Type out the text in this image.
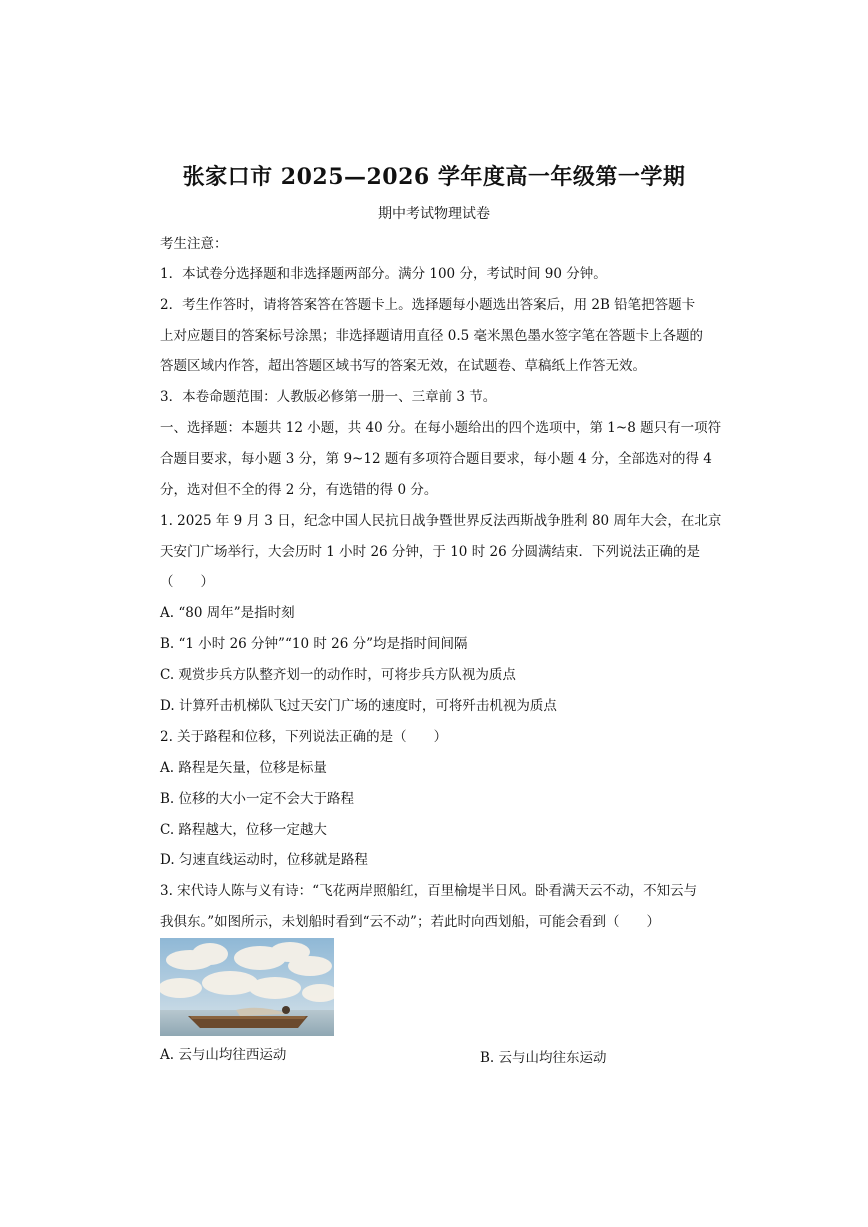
张家口市 2025—2026 学年度高一年级第一学期
期中考试物理试卷
考生注意：
1．本试卷分选择题和非选择题两部分。满分 100 分，考试时间 90 分钟。
2．考生作答时，请将答案答在答题卡上。选择题每小题选出答案后，用 2B 铅笔把答题卡
上对应题目的答案标号涂黑；非选择题请用直径 0.5 毫米黑色墨水签字笔在答题卡上各题的
答题区域内作答，超出答题区域书写的答案无效，在试题卷、草稿纸上作答无效。
3．本卷命题范围：人教版必修第一册一、三章前 3 节。
一、选择题：本题共 12 小题，共 40 分。在每小题给出的四个选项中，第 1~8 题只有一项符
合题目要求，每小题 3 分，第 9~12 题有多项符合题目要求，每小题 4 分，全部选对的得 4
分，选对但不全的得 2 分，有选错的得 0 分。
1. 2025 年 9 月 3 日，纪念中国人民抗日战争暨世界反法西斯战争胜利 80 周年大会，在北京
天安门广场举行，大会历时 1 小时 26 分钟，于 10 时 26 分圆满结束．下列说法正确的是
（　　）
A. “80 周年”是指时刻
B. “1 小时 26 分钟”“10 时 26 分”均是指时间间隔
C. 观赏步兵方队整齐划一的动作时，可将步兵方队视为质点
D. 计算歼击机梯队飞过天安门广场的速度时，可将歼击机视为质点
2. 关于路程和位移，下列说法正确的是（　　）
A. 路程是矢量，位移是标量
B. 位移的大小一定不会大于路程
C. 路程越大，位移一定越大
D. 匀速直线运动时，位移就是路程
3. 宋代诗人陈与义有诗：“飞花两岸照船红，百里榆堤半日风。卧看满天云不动，不知云与
我俱东。”如图所示，未划船时看到“云不动”；若此时向西划船，可能会看到（　　）
A. 云与山均往西运动	B. 云与山均往东运动
